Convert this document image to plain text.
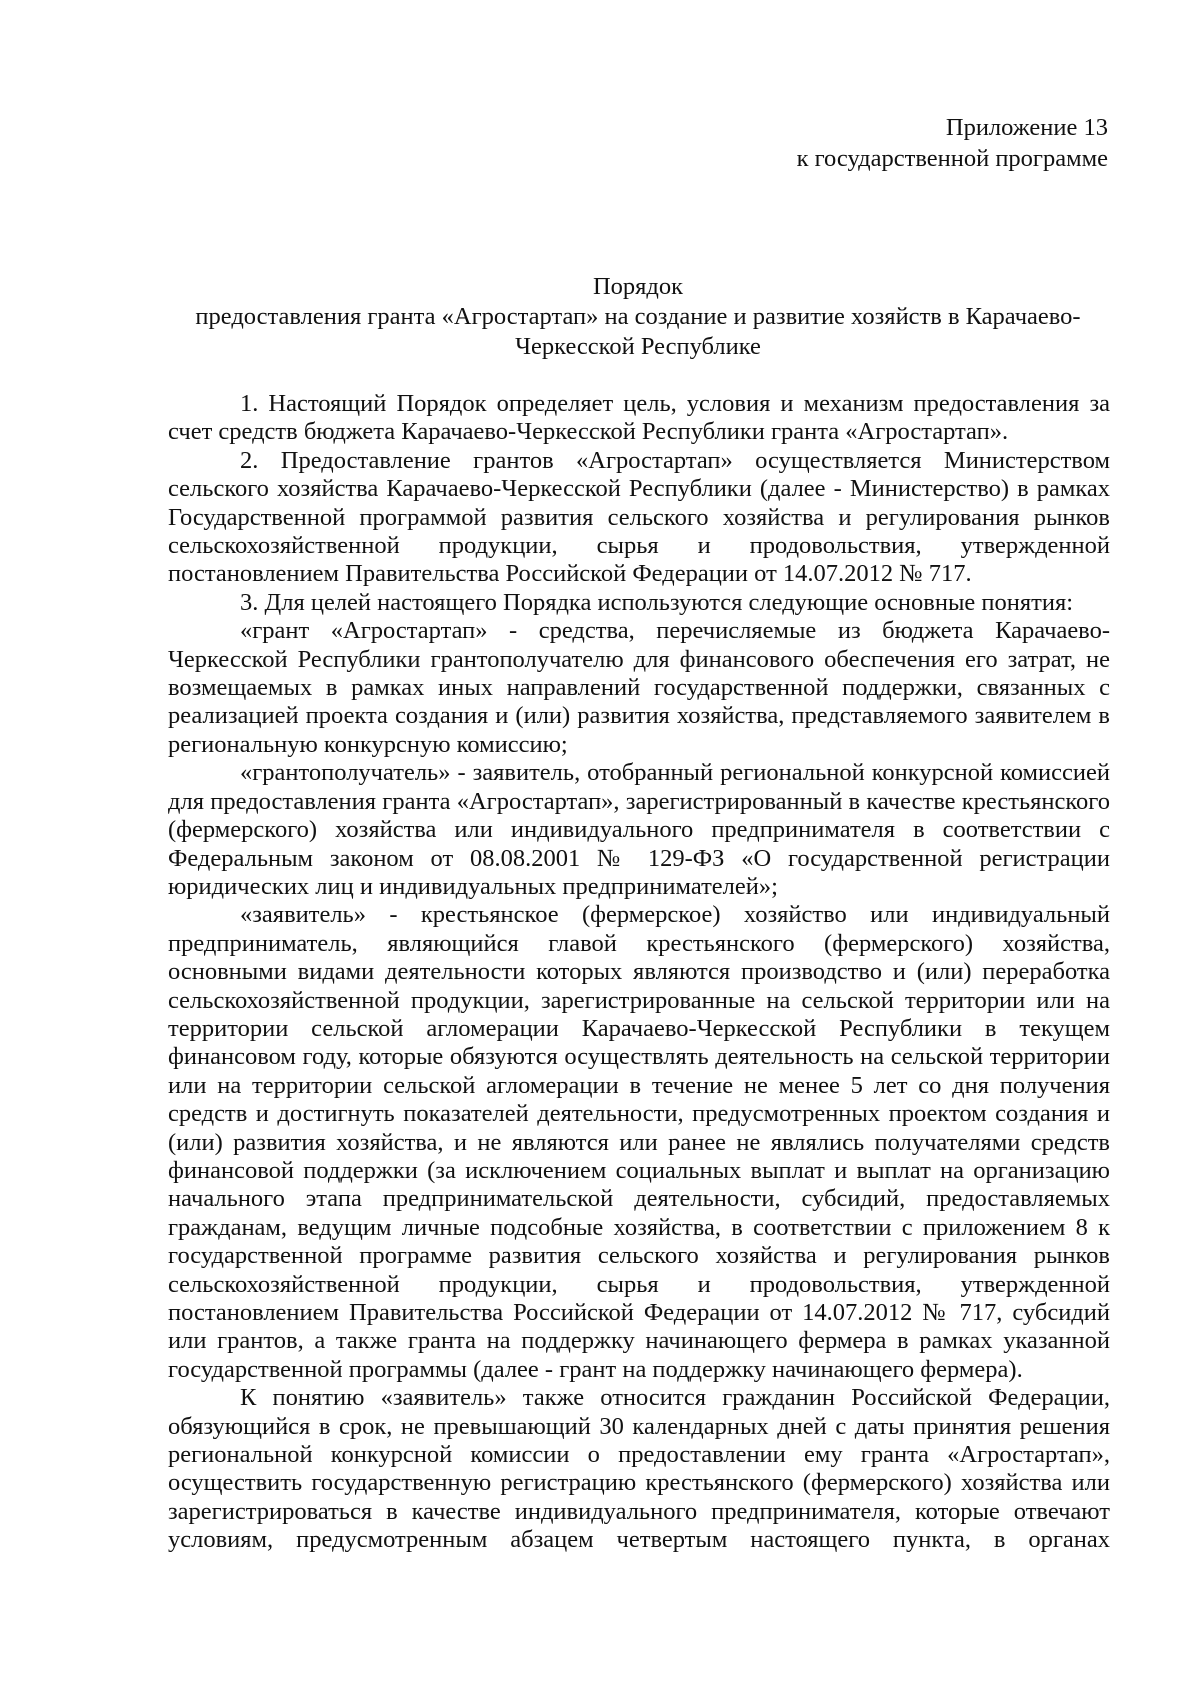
Приложение 13
к государственной программе
Порядок
предоставления гранта «Агростартап» на создание и развитие хозяйств в Карачаево-
Черкесской Республике

1. Настоящий Порядок определяет цель, условия и механизм предоставления за счет средств бюджета Карачаево-Черкесской Республики гранта «Агростартап».

2. Предоставление грантов «Агростартап» осуществляется Министерством сельского хозяйства Карачаево-Черкесской Республики (далее - Министерство) в рамках Государственной программой развития сельского хозяйства и регулирования рынков сельскохозяйственной продукции, сырья и продовольствия, утвержденной постановлением Правительства Российской Федерации от 14.07.2012 № 717.

3. Для целей настоящего Порядка используются следующие основные понятия:

«грант «Агростартап» - средства, перечисляемые из бюджета Карачаево-Черкесской Республики грантополучателю для финансового обеспечения его затрат, не возмещаемых в рамках иных направлений государственной поддержки, связанных с реализацией проекта создания и (или) развития хозяйства, представляемого заявителем в региональную конкурсную комиссию;

«грантополучатель» - заявитель, отобранный региональной конкурсной комиссией для предоставления гранта «Агростартап», зарегистрированный в качестве крестьянского (фермерского) хозяйства или индивидуального предпринимателя в соответствии с Федеральным законом от 08.08.2001 № 129-ФЗ «О государственной регистрации юридических лиц и индивидуальных предпринимателей»;

«заявитель» - крестьянское (фермерское) хозяйство или индивидуальный предприниматель, являющийся главой крестьянского (фермерского) хозяйства, основными видами деятельности которых являются производство и (или) переработка сельскохозяйственной продукции, зарегистрированные на сельской территории или на территории сельской агломерации Карачаево-Черкесской Республики в текущем финансовом году, которые обязуются осуществлять деятельность на сельской территории или на территории сельской агломерации в течение не менее 5 лет со дня получения средств и достигнуть показателей деятельности, предусмотренных проектом создания и (или) развития хозяйства, и не являются или ранее не являлись получателями средств финансовой поддержки (за исключением социальных выплат и выплат на организацию начального этапа предпринимательской деятельности, субсидий, предоставляемых гражданам, ведущим личные подсобные хозяйства, в соответствии с приложением 8 к государственной программе развития сельского хозяйства и регулирования рынков сельскохозяйственной продукции, сырья и продовольствия, утвержденной постановлением Правительства Российской Федерации от 14.07.2012 № 717, субсидий или грантов, а также гранта на поддержку начинающего фермера в рамках указанной государственной программы (далее - грант на поддержку начинающего фермера).

К понятию «заявитель» также относится гражданин Российской Федерации, обязующийся в срок, не превышающий 30 календарных дней с даты принятия решения региональной конкурсной комиссии о предоставлении ему гранта «Агростартап», осуществить государственную регистрацию крестьянского (фермерского) хозяйства или зарегистрироваться в качестве индивидуального предпринимателя, которые отвечают условиям, предусмотренным абзацем четвертым настоящего пункта, в органах
